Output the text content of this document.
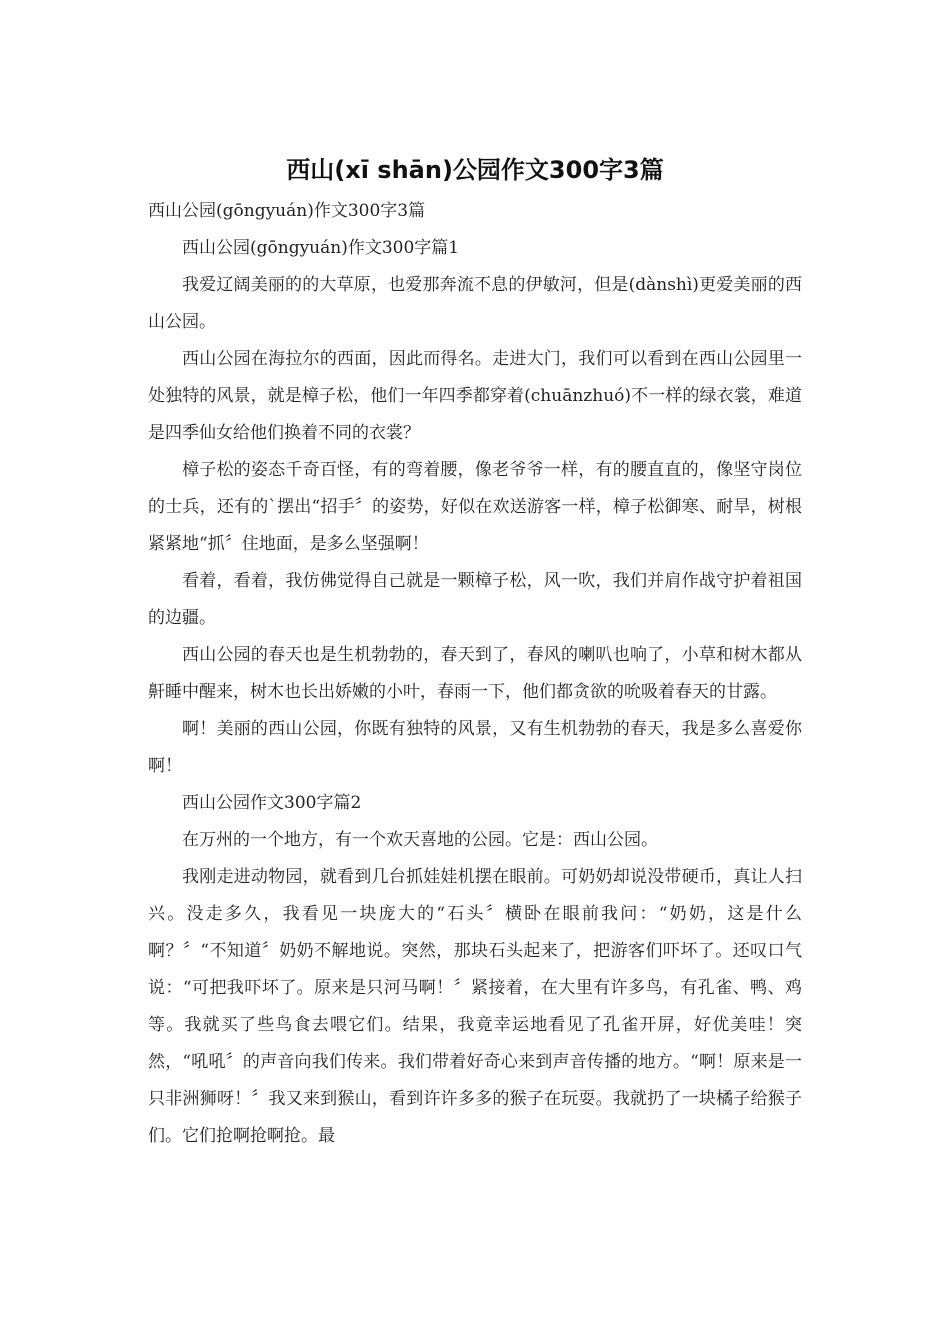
西山(xī shān)公园作文300字3篇

西山公园(gōngyuán)作文300字3篇

西山公园(gōngyuán)作文300字篇1

我爱辽阔美丽的的大草原，也爱那奔流不息的伊敏河，但是(dànshì)更爱美丽的西山公园。

西山公园在海拉尔的西面，因此而得名。走进大门，我们可以看到在西山公园里一处独特的风景，就是樟子松，他们一年四季都穿着(chuānzhuó)不一样的绿衣裳，难道是四季仙女给他们换着不同的衣裳？

樟子松的姿态千奇百怪，有的弯着腰，像老爷爷一样，有的腰直直的，像坚守岗位的士兵，还有的`摆出“招手〞的姿势，好似在欢送游客一样，樟子松御寒、耐旱，树根紧紧地“抓〞住地面，是多么坚强啊！

看着，看着，我仿佛觉得自己就是一颗樟子松，风一吹，我们并肩作战守护着祖国的边疆。

西山公园的春天也是生机勃勃的，春天到了，春风的喇叭也响了，小草和树木都从鼾睡中醒来，树木也长出娇嫩的小叶，春雨一下，他们都贪欲的吮吸着春天的甘露。

啊！美丽的西山公园，你既有独特的风景，又有生机勃勃的春天，我是多么喜爱你啊！

西山公园作文300字篇2

在万州的一个地方，有一个欢天喜地的公园。它是：西山公园。

我刚走进动物园，就看到几台抓娃娃机摆在眼前。可奶奶却说没带硬币，真让人扫兴。没走多久，我看见一块庞大的“石头〞横卧在眼前我问：“奶奶，这是什么啊？〞“不知道〞奶奶不解地说。突然，那块石头起来了，把游客们吓坏了。还叹口气说：“可把我吓坏了。原来是只河马啊！〞紧接着，在大里有许多鸟，有孔雀、鸭、鸡等。我就买了些鸟食去喂它们。结果，我竟幸运地看见了孔雀开屏，好优美哇！突然，“吼吼〞的声音向我们传来。我们带着好奇心来到声音传播的地方。“啊！原来是一只非洲狮呀！〞我又来到猴山，看到许许多多的猴子在玩耍。我就扔了一块橘子给猴子们。它们抢啊抢啊抢。最
